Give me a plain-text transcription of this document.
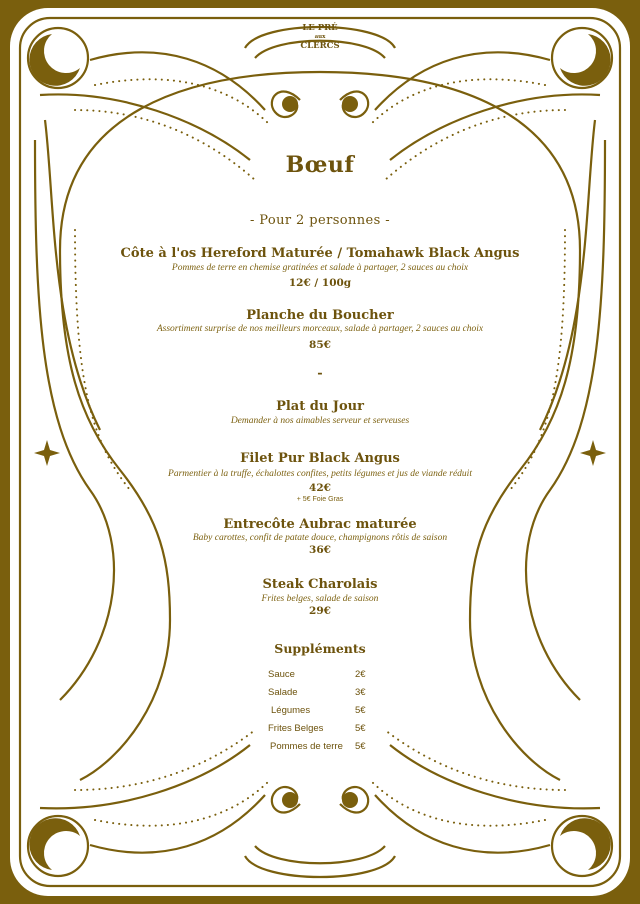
LE PRÉ
aux
CLERCS
Bœuf
- Pour 2 personnes -
Côte à l'os Hereford Maturée / Tomahawk Black Angus
Pommes de terre en chemise gratinées et salade à partager, 2 sauces au choix
12€ / 100g
Planche du Boucher
Assortiment surprise de nos meilleurs morceaux, salade à partager, 2 sauces au choix
85€
-
Plat du Jour
Demander à nos aimables serveur et serveuses
Filet Pur Black Angus
Parmentier à la truffe, échalottes confites, petits légumes et jus de viande réduit
42€
+ 5€ Foie Gras
Entrecôte Aubrac maturée
Baby carottes, confit de patate douce, champignons rôtis de saison
36€
Steak Charolais
Frites belges, salade de saison
29€
Suppléments
Sauce	2€
Salade	3€
Légumes	5€
Frites Belges	5€
Pommes de terre 5€
